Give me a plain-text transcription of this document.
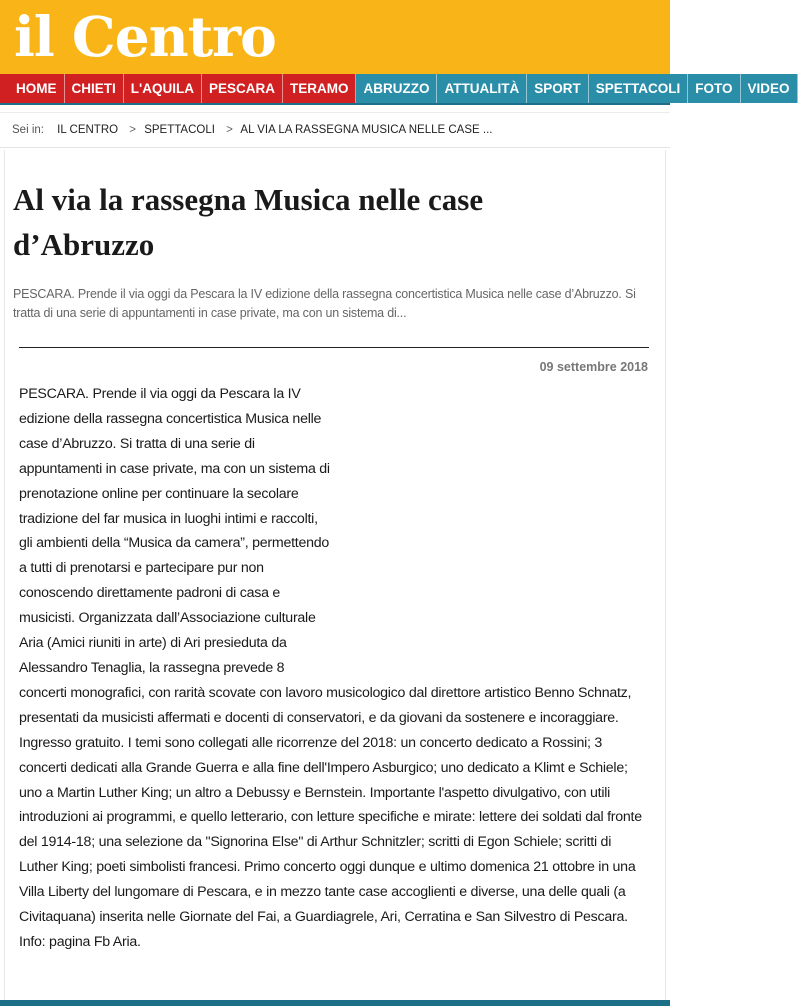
il Centro
HOME	CHIETI	L'AQUILA	PESCARA	TERAMO	ABRUZZO	ATTUALITÀ	SPORT	SPETTACOLI	FOTO	VIDEO
Sei in: IL CENTRO > SPETTACOLI > AL VIA LA RASSEGNA MUSICA NELLE CASE ...
Al via la rassegna Musica nelle case d’Abruzzo

PESCARA. Prende il via oggi da Pescara la IV edizione della rassegna concertistica Musica nelle case d’Abruzzo. Si tratta di una serie di appuntamenti in case private, ma con un sistema di...

09 settembre 2018
PESCARA. Prende il via oggi da Pescara la IV edizione della rassegna concertistica Musica nelle case d’Abruzzo. Si tratta di una serie di appuntamenti in case private, ma con un sistema di prenotazione online per continuare la secolare tradizione del far musica in luoghi intimi e raccolti, gli ambienti della “Musica da camera”, permettendo a tutti di prenotarsi e partecipare pur non conoscendo direttamente padroni di casa e musicisti. Organizzata dall’Associazione culturale Aria (Amici riuniti in arte) di Ari presieduta da Alessandro Tenaglia, la rassegna prevede 8 concerti monografici, con rarità scovate con lavoro musicologico dal direttore artistico Benno Schnatz, presentati da musicisti affermati e docenti di conservatori, e da giovani da sostenere e incoraggiare. Ingresso gratuito. I temi sono collegati alle ricorrenze del 2018: un concerto dedicato a Rossini; 3 concerti dedicati alla Grande Guerra e alla fine dell'Impero Asburgico; uno dedicato a Klimt e Schiele; uno a Martin Luther King; un altro a Debussy e Bernstein. Importante l'aspetto divulgativo, con utili introduzioni ai programmi, e quello letterario, con letture specifiche e mirate: lettere dei soldati dal fronte del 1914-18; una selezione da "Signorina Else" di Arthur Schnitzler; scritti di Egon Schiele; scritti di Luther King; poeti simbolisti francesi. Primo concerto oggi dunque e ultimo domenica 21 ottobre in una Villa Liberty del lungomare di Pescara, e in mezzo tante case accoglienti e diverse, una delle quali (a Civitaquana) inserita nelle Giornate del Fai, a Guardiagrele, Ari, Cerratina e San Silvestro di Pescara. Info: pagina Fb Aria.
